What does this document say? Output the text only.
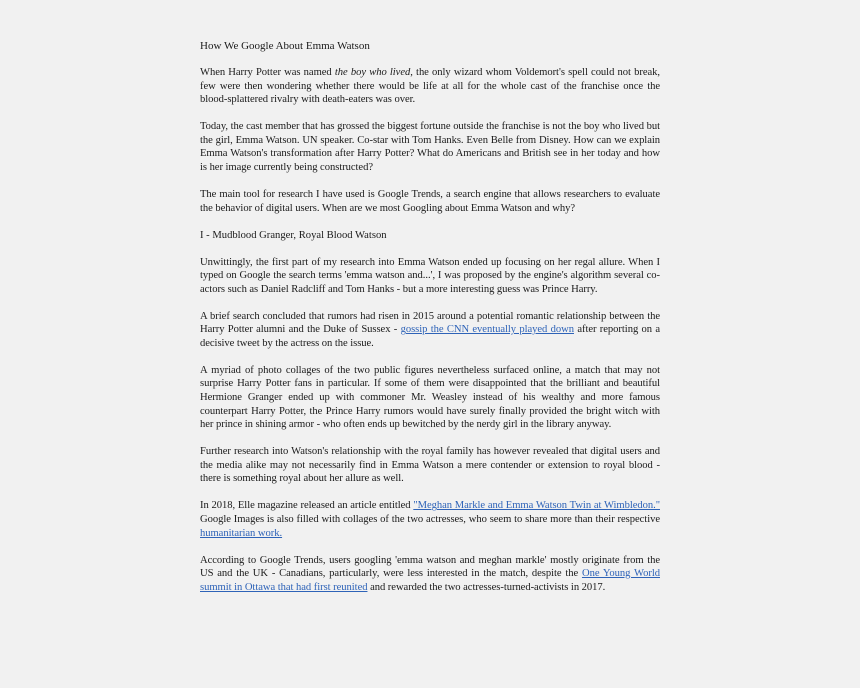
How We Google About Emma Watson

When Harry Potter was named the boy who lived, the only wizard whom Voldemort's spell could not break, few were then wondering whether there would be life at all for the whole cast of the franchise once the blood-splattered rivalry with death-eaters was over.

Today, the cast member that has grossed the biggest fortune outside the franchise is not the boy who lived but the girl, Emma Watson. UN speaker. Co-star with Tom Hanks. Even Belle from Disney. How can we explain Emma Watson's transformation after Harry Potter? What do Americans and British see in her today and how is her image currently being constructed?

The main tool for research I have used is Google Trends, a search engine that allows researchers to evaluate the behavior of digital users. When are we most Googling about Emma Watson and why?

I - Mudblood Granger, Royal Blood Watson

Unwittingly, the first part of my research into Emma Watson ended up focusing on her regal allure. When I typed on Google the search terms 'emma watson and...', I was proposed by the engine's algorithm several co-actors such as Daniel Radcliff and Tom Hanks - but a more interesting guess was Prince Harry.

A brief search concluded that rumors had risen in 2015 around a potential romantic relationship between the Harry Potter alumni and the Duke of Sussex - gossip the CNN eventually played down after reporting on a decisive tweet by the actress on the issue.

A myriad of photo collages of the two public figures nevertheless surfaced online, a match that may not surprise Harry Potter fans in particular. If some of them were disappointed that the brilliant and beautiful Hermione Granger ended up with commoner Mr. Weasley instead of his wealthy and more famous counterpart Harry Potter, the Prince Harry rumors would have surely finally provided the bright witch with her prince in shining armor - who often ends up bewitched by the nerdy girl in the library anyway.

Further research into Watson's relationship with the royal family has however revealed that digital users and the media alike may not necessarily find in Emma Watson a mere contender or extension to royal blood - there is something royal about her allure as well.

In 2018, Elle magazine released an article entitled "Meghan Markle and Emma Watson Twin at Wimbledon." Google Images is also filled with collages of the two actresses, who seem to share more than their respective humanitarian work.

According to Google Trends, users googling 'emma watson and meghan markle' mostly originate from the US and the UK - Canadians, particularly, were less interested in the match, despite the One Young World summit in Ottawa that had first reunited and rewarded the two actresses-turned-activists in 2017.
